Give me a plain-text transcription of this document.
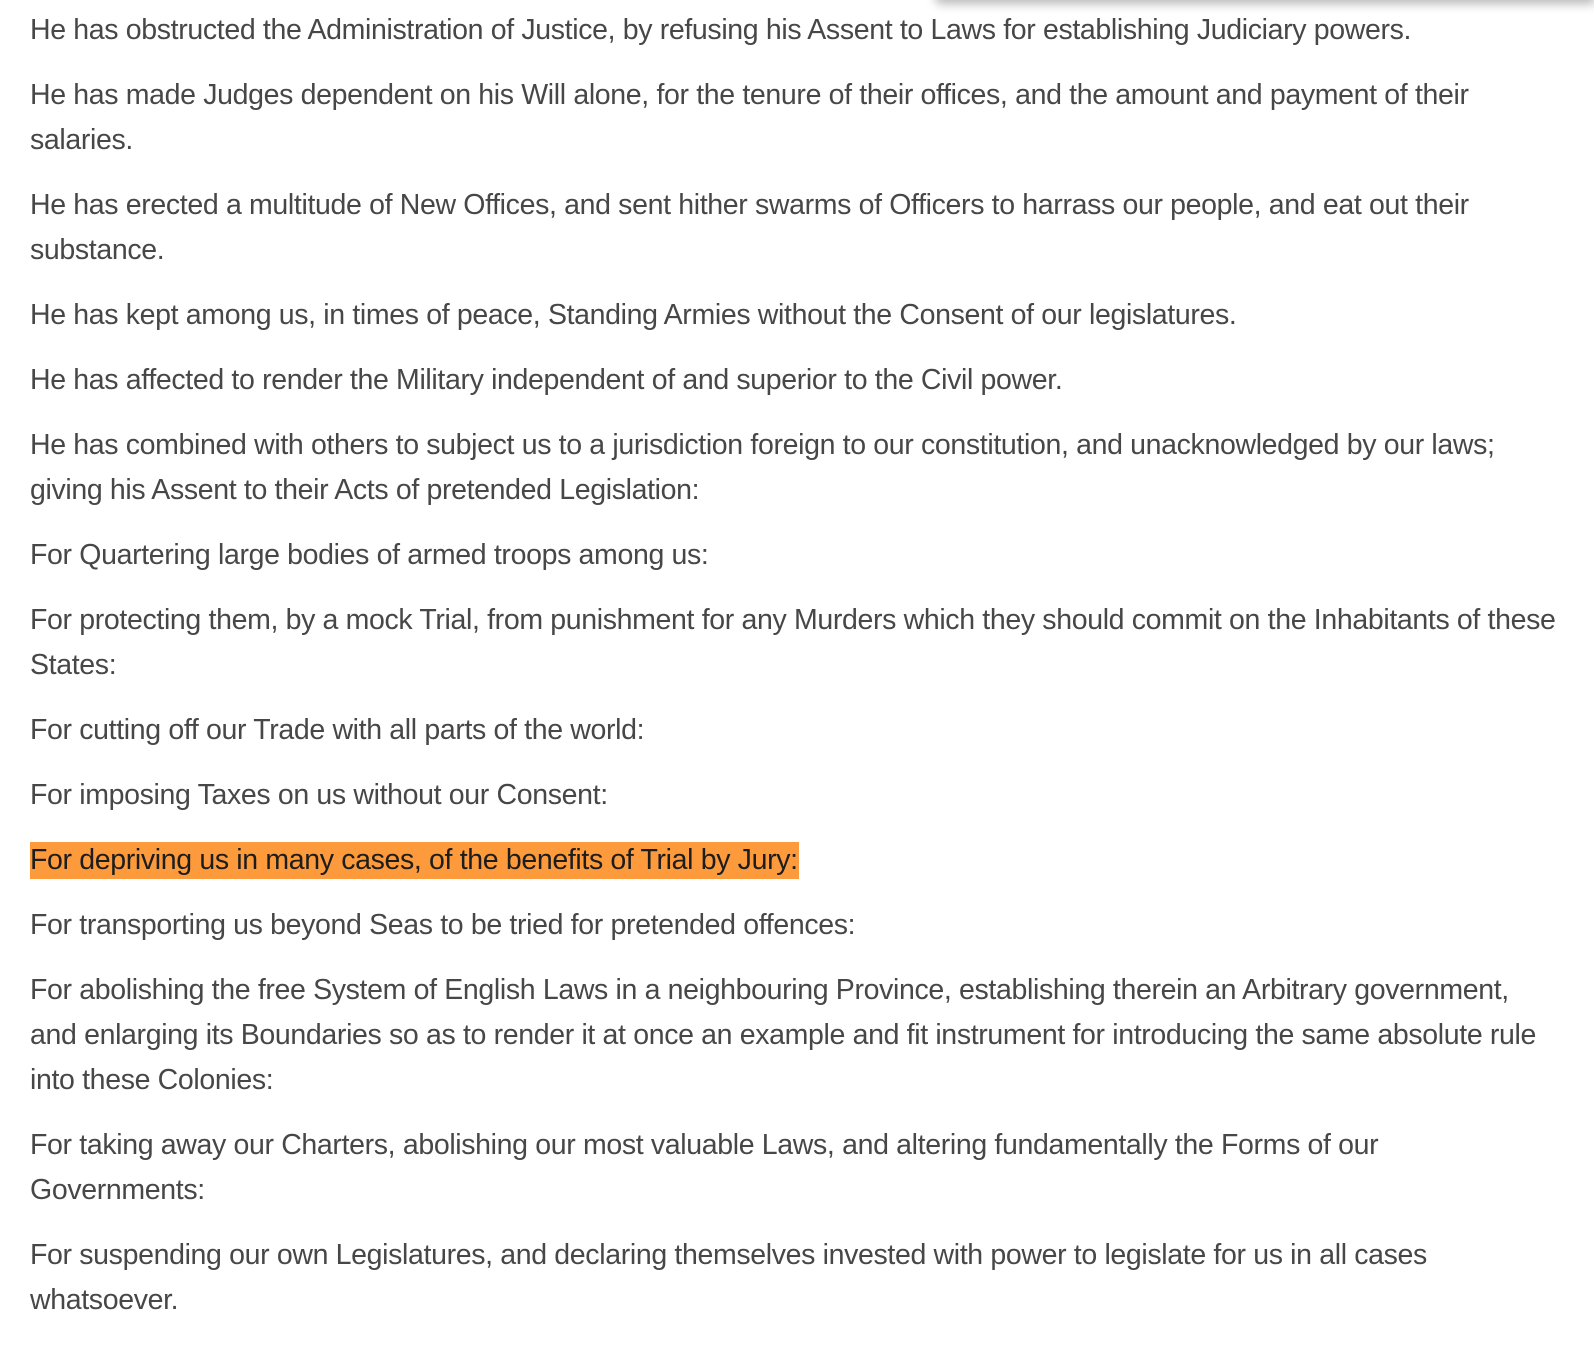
He has obstructed the Administration of Justice, by refusing his Assent to Laws for establishing Judiciary powers.

He has made Judges dependent on his Will alone, for the tenure of their offices, and the amount and payment of their salaries.

He has erected a multitude of New Offices, and sent hither swarms of Officers to harrass our people, and eat out their substance.

He has kept among us, in times of peace, Standing Armies without the Consent of our legislatures.

He has affected to render the Military independent of and superior to the Civil power.

He has combined with others to subject us to a jurisdiction foreign to our constitution, and unacknowledged by our laws; giving his Assent to their Acts of pretended Legislation:

For Quartering large bodies of armed troops among us:

For protecting them, by a mock Trial, from punishment for any Murders which they should commit on the Inhabitants of these States:

For cutting off our Trade with all parts of the world:

For imposing Taxes on us without our Consent:

For depriving us in many cases, of the benefits of Trial by Jury:

For transporting us beyond Seas to be tried for pretended offences:

For abolishing the free System of English Laws in a neighbouring Province, establishing therein an Arbitrary government, and enlarging its Boundaries so as to render it at once an example and fit instrument for introducing the same absolute rule into these Colonies:

For taking away our Charters, abolishing our most valuable Laws, and altering fundamentally the Forms of our Governments:

For suspending our own Legislatures, and declaring themselves invested with power to legislate for us in all cases whatsoever.
